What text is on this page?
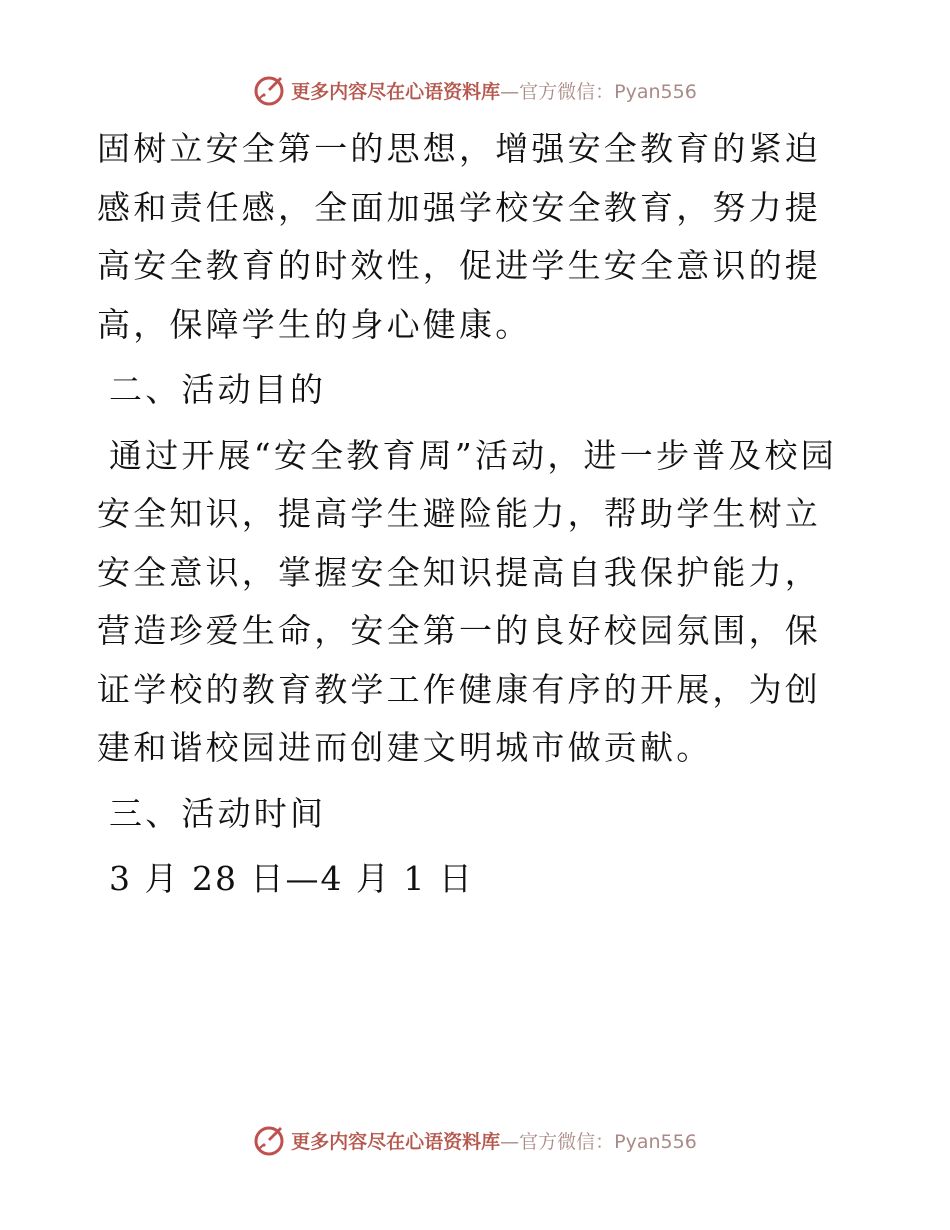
更多内容尽在心语资料库 —官方微信：Pyan556

固树立安全第一的思想，增强安全教育的紧迫感和责任感，全面加强学校安全教育，努力提高安全教育的时效性，促进学生安全意识的提高，保障学生的身心健康。

二、活动目的

通过开展“安全教育周”活动，进一步普及校园
安全知识，提高学生避险能力，帮助学生树立安全意识，掌握安全知识提高自我保护能力，营造珍爱生命，安全第一的良好校园氛围，保证学校的教育教学工作健康有序的开展，为创建和谐校园进而创建文明城市做贡献。

三、活动时间

3 月 28 日—4 月 1 日

更多内容尽在心语资料库 —官方微信：Pyan556
